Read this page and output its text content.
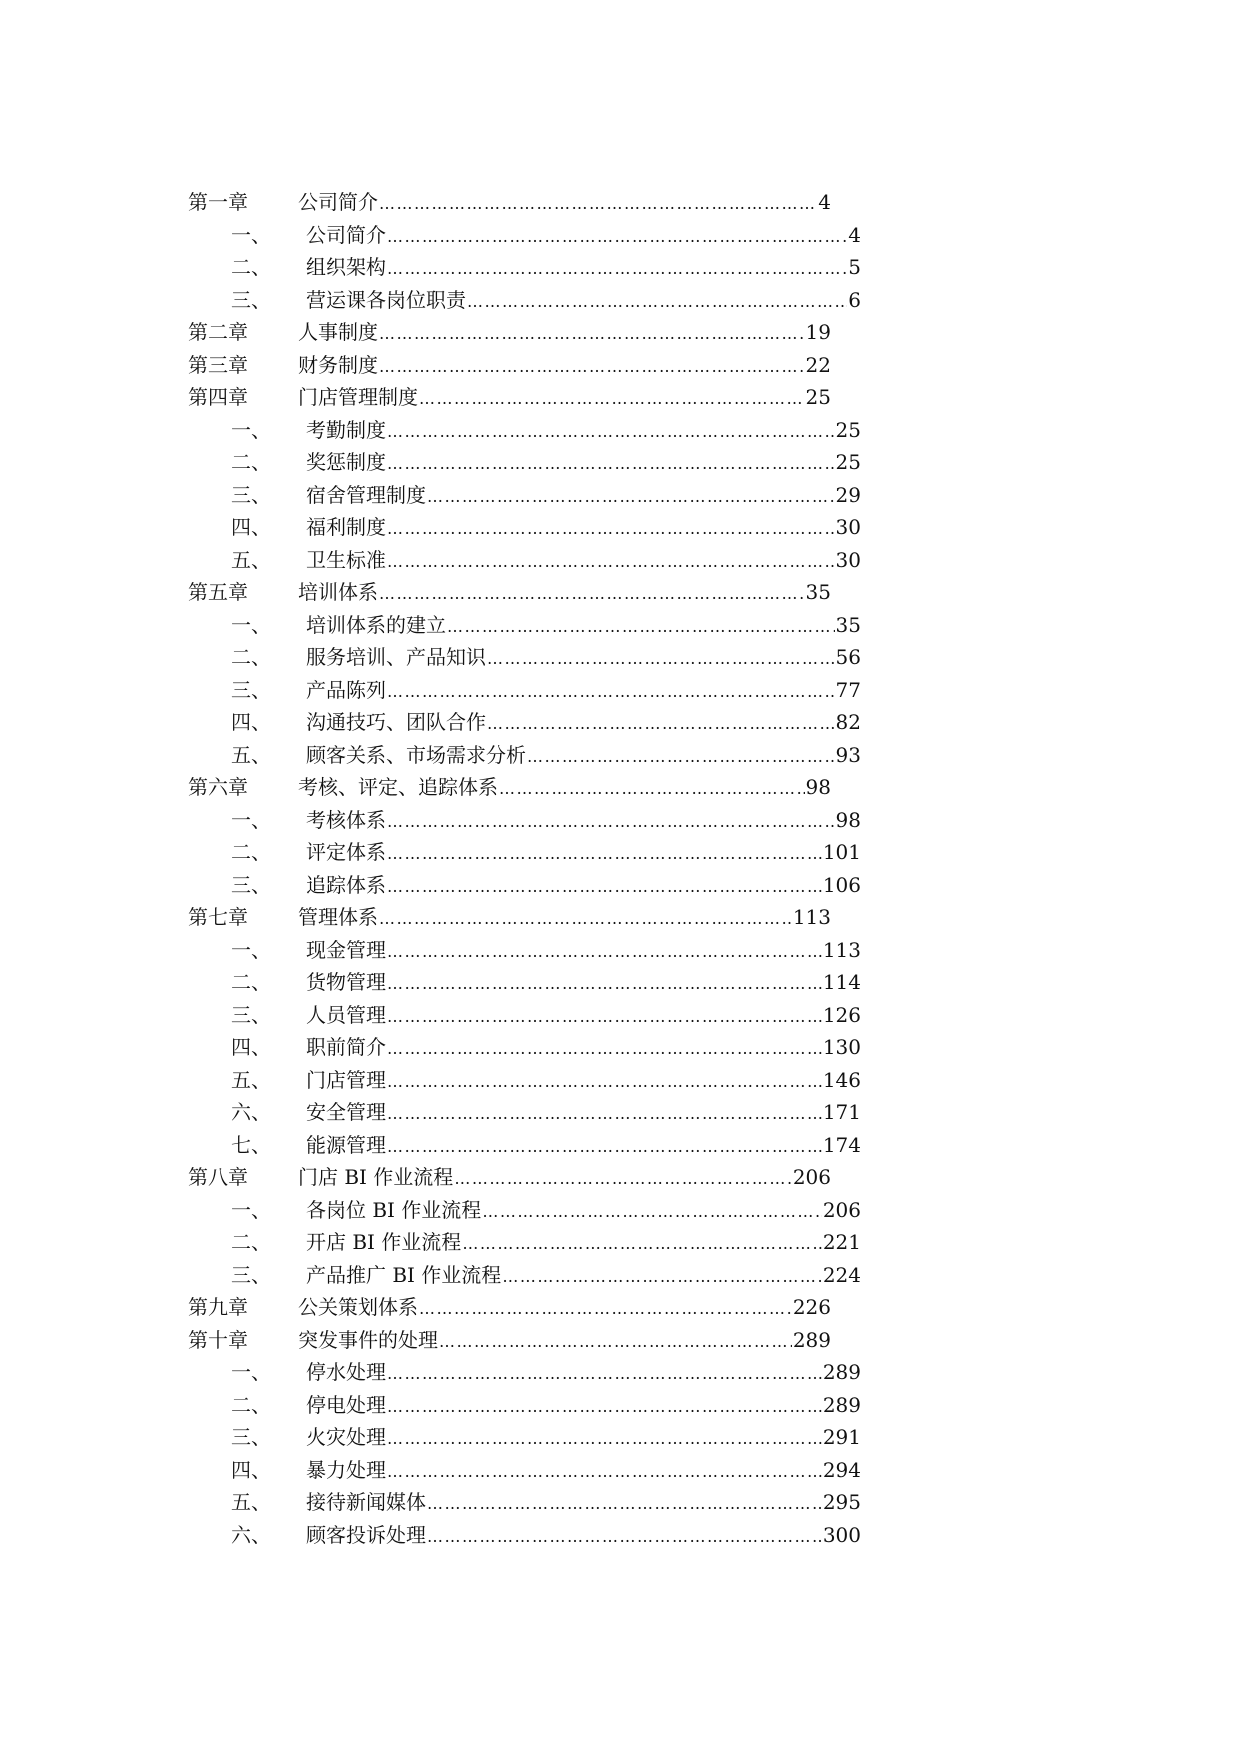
第一章	公司简介 ……………………………………………………………………………………………………………………………………………………………………	4
一、 公司简介 ……………………………………………………………………………………………………………………………………………………………………	4
二、 组织架构 ……………………………………………………………………………………………………………………………………………………………………	5
三、 营运课各岗位职责 ……………………………………………………………………………………………………………………………………………………………………	6
第二章	人事制度 ……………………………………………………………………………………………………………………………………………………………………	19
第三章	财务制度 ……………………………………………………………………………………………………………………………………………………………………	22
第四章	门店管理制度 ……………………………………………………………………………………………………………………………………………………………………	25
一、 考勤制度 ……………………………………………………………………………………………………………………………………………………………………	25
二、 奖惩制度 ……………………………………………………………………………………………………………………………………………………………………	25
三、 宿舍管理制度 ……………………………………………………………………………………………………………………………………………………………………	29
四、 福利制度 ……………………………………………………………………………………………………………………………………………………………………	30
五、 卫生标准 ……………………………………………………………………………………………………………………………………………………………………	30
第五章	培训体系 ……………………………………………………………………………………………………………………………………………………………………	35
一、 培训体系的建立 ……………………………………………………………………………………………………………………………………………………………………	35
二、 服务培训、产品知识 ……………………………………………………………………………………………………………………………………………………………………	56
三、 产品陈列 ……………………………………………………………………………………………………………………………………………………………………	77
四、 沟通技巧、团队合作 ……………………………………………………………………………………………………………………………………………………………………	82
五、 顾客关系、市场需求分析 ……………………………………………………………………………………………………………………………………………………………………	93
第六章	考核、评定、追踪体系 ……………………………………………………………………………………………………………………………………………………………………	98
一、 考核体系 ……………………………………………………………………………………………………………………………………………………………………	98
二、 评定体系 ……………………………………………………………………………………………………………………………………………………………………	101
三、 追踪体系 ……………………………………………………………………………………………………………………………………………………………………	106
第七章	管理体系 ……………………………………………………………………………………………………………………………………………………………………	113
一、 现金管理 ……………………………………………………………………………………………………………………………………………………………………	113
二、 货物管理 ……………………………………………………………………………………………………………………………………………………………………	114
三、 人员管理 ……………………………………………………………………………………………………………………………………………………………………	126
四、 职前简介 ……………………………………………………………………………………………………………………………………………………………………	130
五、 门店管理 ……………………………………………………………………………………………………………………………………………………………………	146
六、 安全管理 ……………………………………………………………………………………………………………………………………………………………………	171
七、 能源管理 ……………………………………………………………………………………………………………………………………………………………………	174
第八章	门店 BI 作业流程 ……………………………………………………………………………………………………………………………………………………………………	206
一、 各岗位 BI 作业流程 ……………………………………………………………………………………………………………………………………………………………………	206
二、 开店 BI 作业流程 ……………………………………………………………………………………………………………………………………………………………………	221
三、 产品推广 BI 作业流程 ……………………………………………………………………………………………………………………………………………………………………	224
第九章	公关策划体系 ……………………………………………………………………………………………………………………………………………………………………	226
第十章	突发事件的处理 ……………………………………………………………………………………………………………………………………………………………………	289
一、 停水处理 ……………………………………………………………………………………………………………………………………………………………………	289
二、 停电处理 ……………………………………………………………………………………………………………………………………………………………………	289
三、 火灾处理 ……………………………………………………………………………………………………………………………………………………………………	291
四、 暴力处理 ……………………………………………………………………………………………………………………………………………………………………	294
五、 接待新闻媒体 ……………………………………………………………………………………………………………………………………………………………………	295
六、 顾客投诉处理 ……………………………………………………………………………………………………………………………………………………………………	300
